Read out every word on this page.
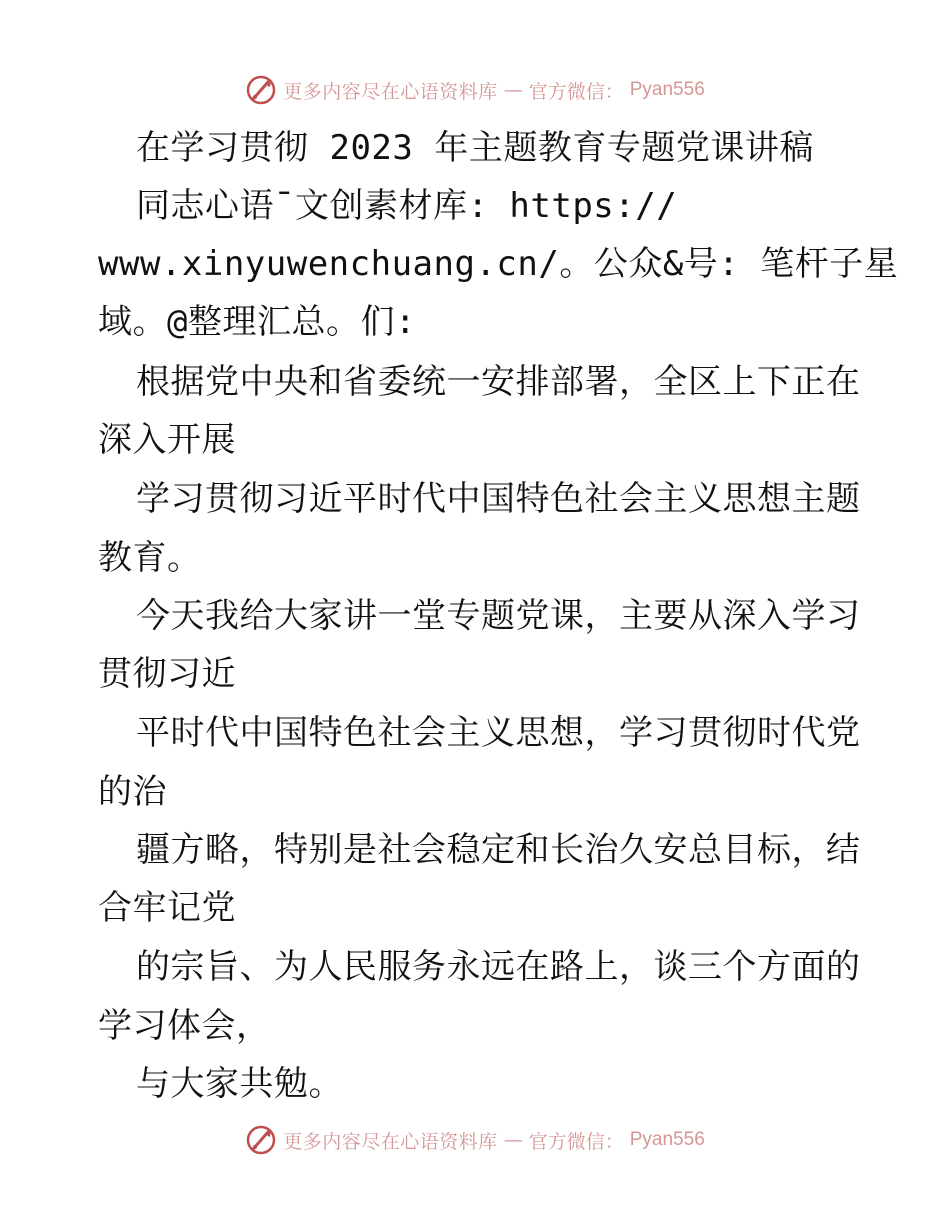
更多内容尽在心语资料库 — 官方微信： Pyan556
在学习贯彻 2023 年主题教育专题党课讲稿
同志心语¯文创素材库: https://
www.xinyuwenchuang.cn/。公众&号: 笔杆子星
域。@整理汇总。们:
根据党中央和省委统一安排部署，全区上下正在
深入开展
学习贯彻习近平时代中国特色社会主义思想主题
教育。
今天我给大家讲一堂专题党课，主要从深入学习
贯彻习近
平时代中国特色社会主义思想，学习贯彻时代党
的治
疆方略，特别是社会稳定和长治久安总目标，结
合牢记党
的宗旨、为人民服务永远在路上，谈三个方面的
学习体会，
与大家共勉。
更多内容尽在心语资料库 — 官方微信： Pyan556
